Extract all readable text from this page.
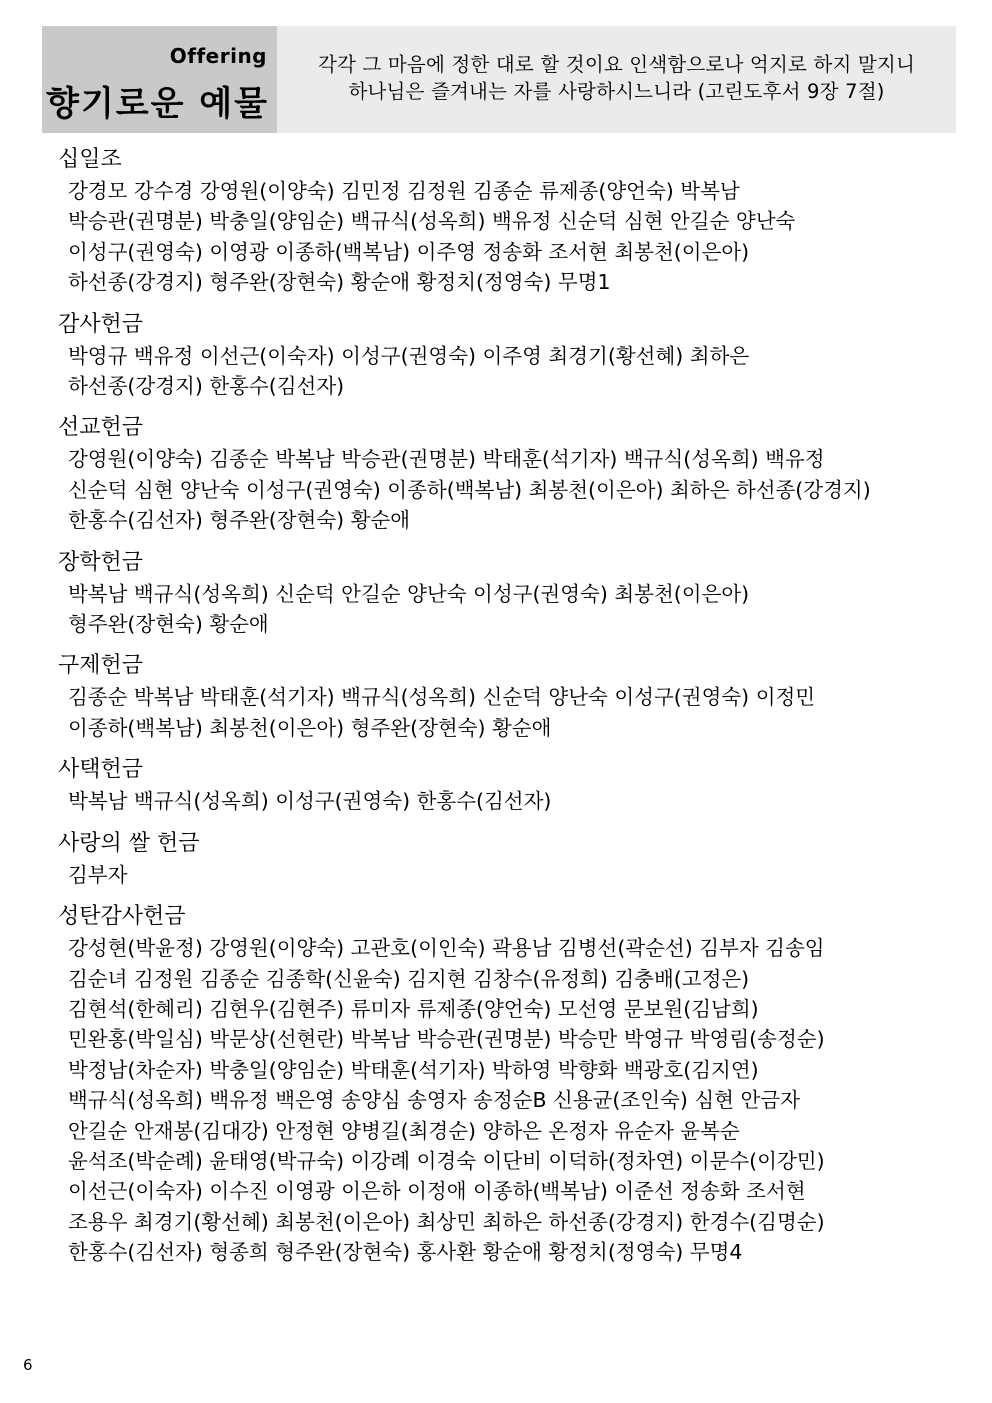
Offering
향기로운 예물
각각 그 마음에 정한 대로 할 것이요 인색함으로나 억지로 하지 말지니
하나님은 즐겨내는 자를 사랑하시느니라 (고린도후서 9장 7절)
십일조
강경모 강수경 강영원(이양숙) 김민정 김정원 김종순 류제종(양언숙) 박복남
박승관(권명분) 박충일(양임순) 백규식(성옥희) 백유정 신순덕 심현 안길순 양난숙
이성구(권영숙) 이영광 이종하(백복남) 이주영 정송화 조서현 최봉천(이은아)
하선종(강경지) 형주완(장현숙) 황순애 황정치(정영숙) 무명1
감사헌금
박영규 백유정 이선근(이숙자) 이성구(권영숙) 이주영 최경기(황선혜) 최하은
하선종(강경지) 한홍수(김선자)
선교헌금
강영원(이양숙) 김종순 박복남 박승관(권명분) 박태훈(석기자) 백규식(성옥희) 백유정
신순덕 심현 양난숙 이성구(권영숙) 이종하(백복남) 최봉천(이은아) 최하은 하선종(강경지)
한홍수(김선자) 형주완(장현숙) 황순애
장학헌금
박복남 백규식(성옥희) 신순덕 안길순 양난숙 이성구(권영숙) 최봉천(이은아)
형주완(장현숙) 황순애
구제헌금
김종순 박복남 박태훈(석기자) 백규식(성옥희) 신순덕 양난숙 이성구(권영숙) 이정민
이종하(백복남) 최봉천(이은아) 형주완(장현숙) 황순애
사택헌금
박복남 백규식(성옥희) 이성구(권영숙) 한홍수(김선자)
사랑의 쌀 헌금
김부자
성탄감사헌금
강성현(박윤정) 강영원(이양숙) 고관호(이인숙) 곽용남 김병선(곽순선) 김부자 김송임
김순녀 김정원 김종순 김종학(신윤숙) 김지현 김창수(유정희) 김충배(고정은)
김현석(한혜리) 김현우(김현주) 류미자 류제종(양언숙) 모선영 문보원(김남희)
민완홍(박일심) 박문상(선현란) 박복남 박승관(권명분) 박승만 박영규 박영림(송정순)
박정남(차순자) 박충일(양임순) 박태훈(석기자) 박하영 박향화 백광호(김지연)
백규식(성옥희) 백유정 백은영 송양심 송영자 송정순B 신용균(조인숙) 심현 안금자
안길순 안재봉(김대강) 안정현 양병길(최경순) 양하은 온정자 유순자 윤복순
윤석조(박순례) 윤태영(박규숙) 이강례 이경숙 이단비 이덕하(정차연) 이문수(이강민)
이선근(이숙자) 이수진 이영광 이은하 이정애 이종하(백복남) 이준선 정송화 조서현
조용우 최경기(황선혜) 최봉천(이은아) 최상민 최하은 하선종(강경지) 한경수(김명순)
한홍수(김선자) 형종희 형주완(장현숙) 홍사환 황순애 황정치(정영숙) 무명4
6
